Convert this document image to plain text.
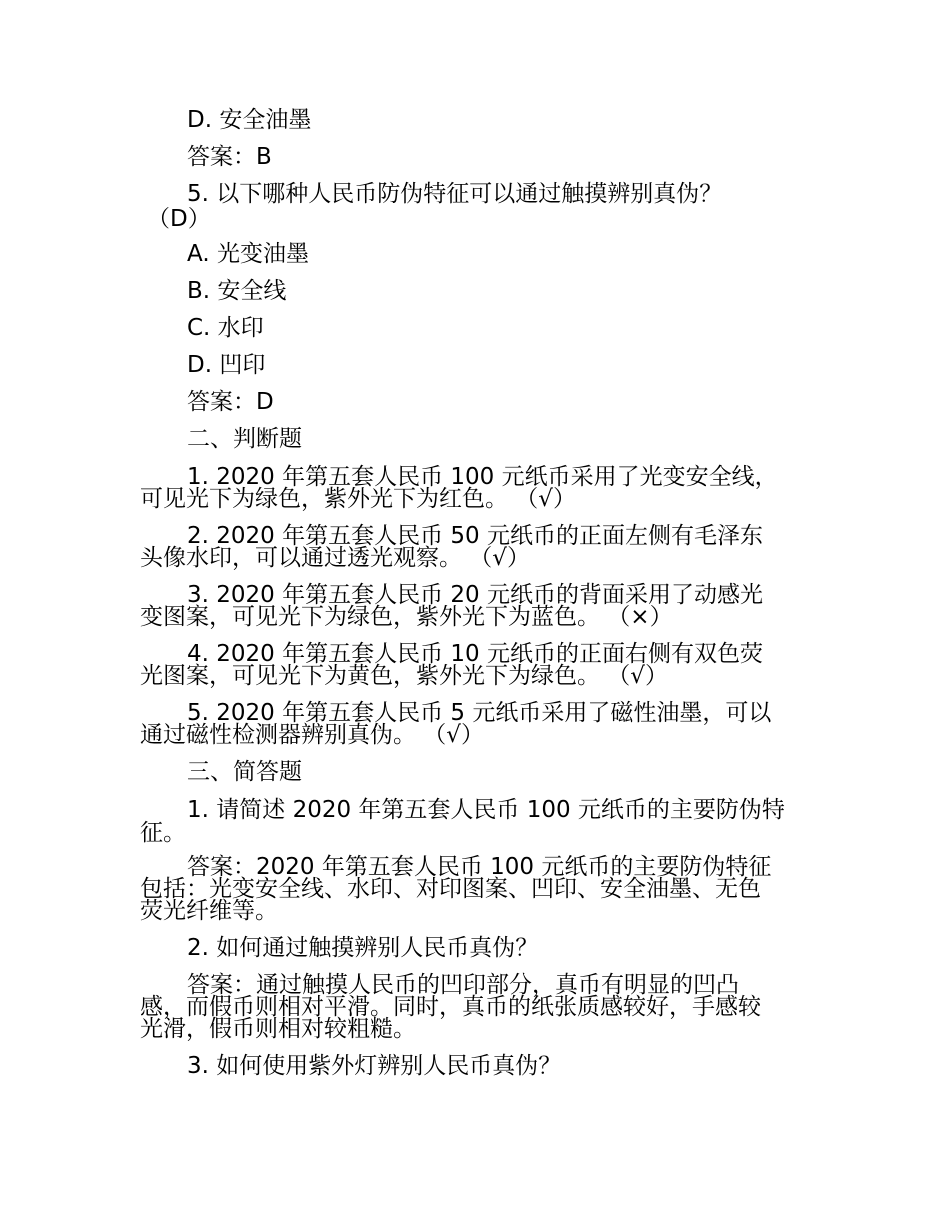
D. 安全油墨
答案：B
5. 以下哪种人民币防伪特征可以通过触摸辨别真伪？
（D）
A. 光变油墨
B. 安全线
C. 水印
D. 凹印
答案：D
二、判断题
1. 2020 年第五套人民币 100 元纸币采用了光变安全线，
可见光下为绿色，紫外光下为红色。 （√）
2. 2020 年第五套人民币 50 元纸币的正面左侧有毛泽东
头像水印，可以通过透光观察。 （√）
3. 2020 年第五套人民币 20 元纸币的背面采用了动感光
变图案，可见光下为绿色，紫外光下为蓝色。 （×）
4. 2020 年第五套人民币 10 元纸币的正面右侧有双色荧
光图案，可见光下为黄色，紫外光下为绿色。 （√）
5. 2020 年第五套人民币 5 元纸币采用了磁性油墨，可以
通过磁性检测器辨别真伪。 （√）
三、简答题
1. 请简述 2020 年第五套人民币 100 元纸币的主要防伪特
征。
答案：2020 年第五套人民币 100 元纸币的主要防伪特征
包括：光变安全线、水印、对印图案、凹印、安全油墨、无色
荧光纤维等。
2. 如何通过触摸辨别人民币真伪？
答案：通过触摸人民币的凹印部分，真币有明显的凹凸
感，而假币则相对平滑。同时，真币的纸张质感较好，手感较
光滑，假币则相对较粗糙。
3. 如何使用紫外灯辨别人民币真伪？
